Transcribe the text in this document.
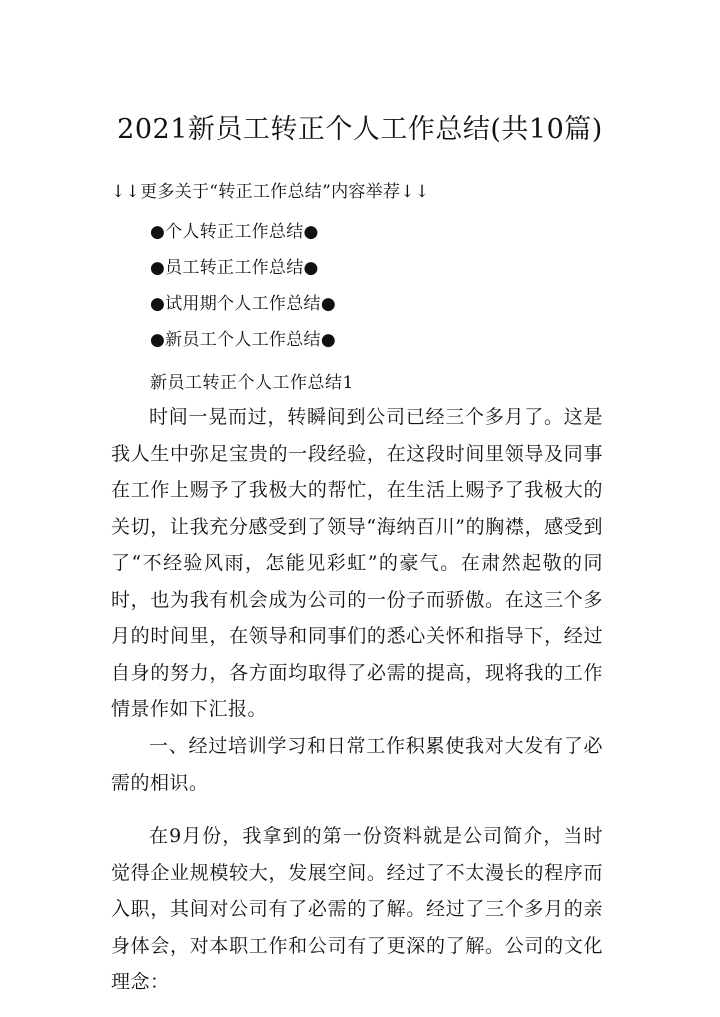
2021新员工转正个人工作总结(共10篇)
↓↓更多关于“转正工作总结”内容举荐↓↓
●个人转正工作总结●
●员工转正工作总结●
●试用期个人工作总结●
●新员工个人工作总结●
新员工转正个人工作总结1

时间一晃而过，转瞬间到公司已经三个多月了。这是我人生中弥足宝贵的一段经验，在这段时间里领导及同事在工作上赐予了我极大的帮忙，在生活上赐予了我极大的关切，让我充分感受到了领导“海纳百川”的胸襟，感受到了“不经验风雨，怎能见彩虹”的豪气。在肃然起敬的同时，也为我有机会成为公司的一份子而骄傲。在这三个多月的时间里，在领导和同事们的悉心关怀和指导下，经过自身的努力，各方面均取得了必需的提高，现将我的工作情景作如下汇报。

一、经过培训学习和日常工作积累使我对大发有了必需的相识。

在9月份，我拿到的第一份资料就是公司简介，当时觉得企业规模较大，发展空间。经过了不太漫长的程序而入职，其间对公司有了必需的了解。经过了三个多月的亲身体会，对本职工作和公司有了更深的了解。公司的文化理念：
